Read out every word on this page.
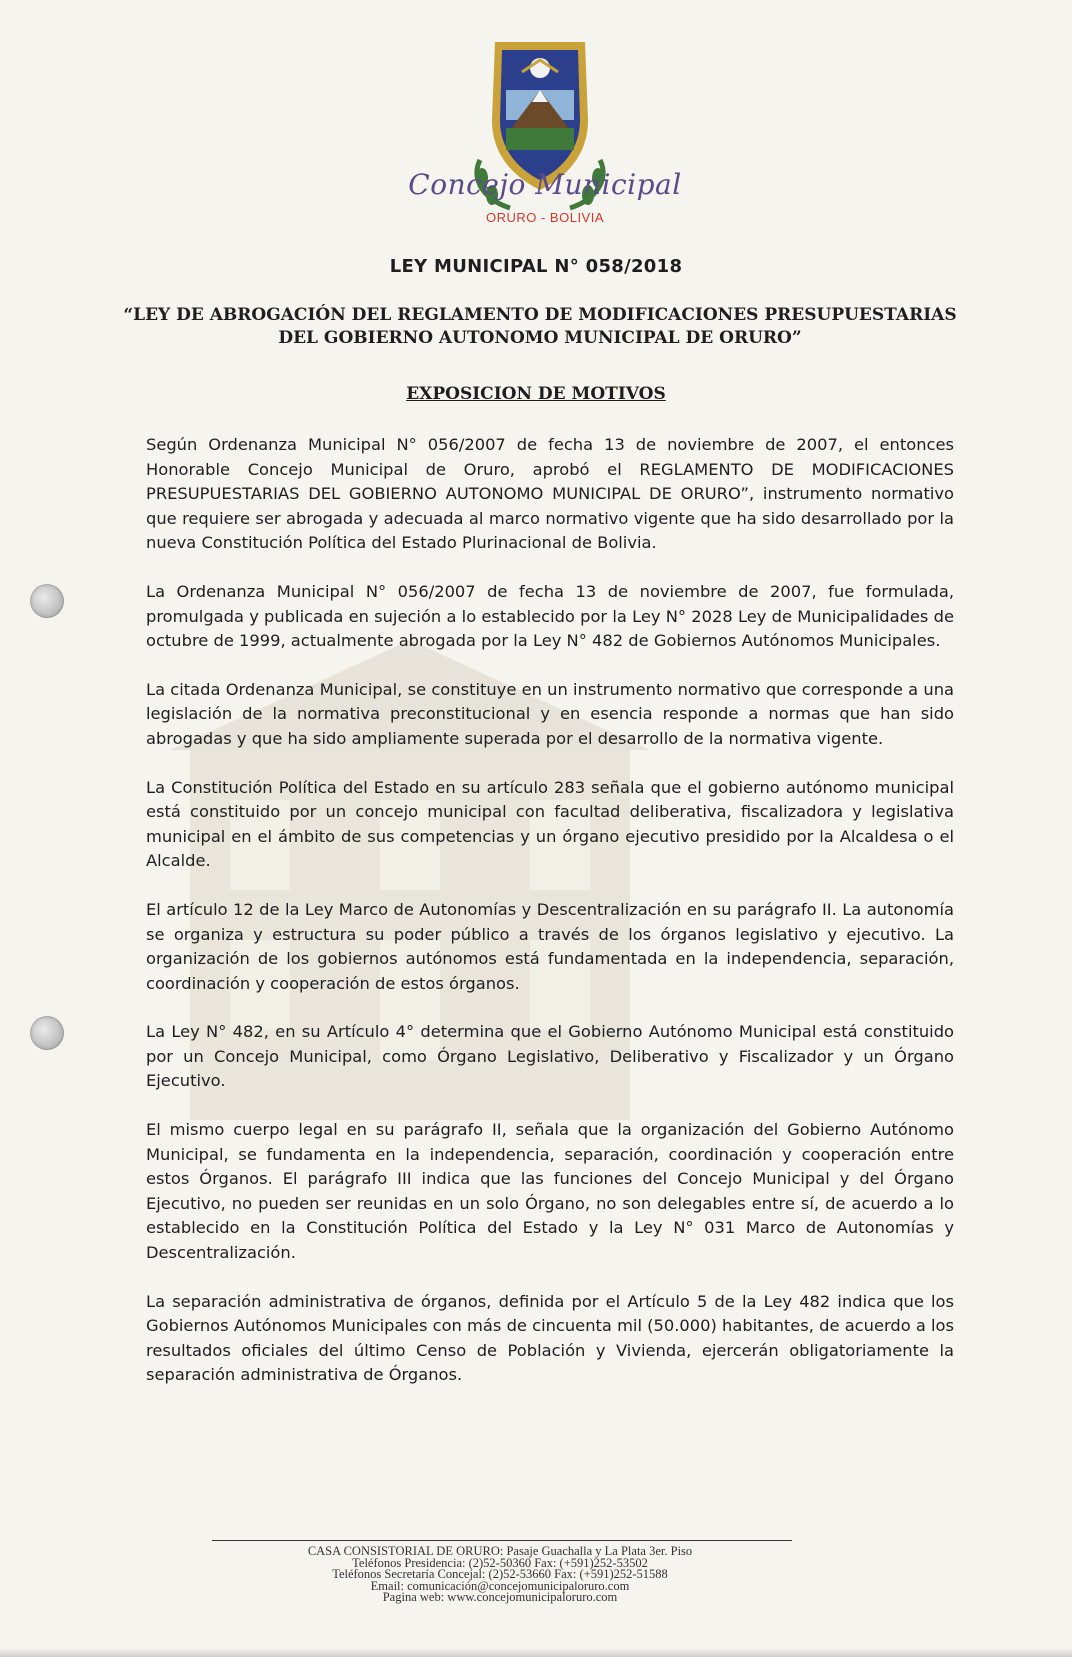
Concejo Municipal
ORURO - BOLIVIA
LEY MUNICIPAL N° 058/2018
“LEY DE ABROGACIÓN DEL REGLAMENTO DE MODIFICACIONES PRESUPUESTARIAS
DEL GOBIERNO AUTONOMO MUNICIPAL DE ORURO”
EXPOSICION DE MOTIVOS

Según Ordenanza Municipal N° 056/2007 de fecha 13 de noviembre de 2007, el entonces Honorable Concejo Municipal de Oruro, aprobó el REGLAMENTO DE MODIFICACIONES PRESUPUESTARIAS DEL GOBIERNO AUTONOMO MUNICIPAL DE ORURO”, instrumento normativo que requiere ser abrogada y adecuada al marco normativo vigente que ha sido desarrollado por la nueva Constitución Política del Estado Plurinacional de Bolivia.

La Ordenanza Municipal N° 056/2007 de fecha 13 de noviembre de 2007, fue formulada, promulgada y publicada en sujeción a lo establecido por la Ley N° 2028 Ley de Municipalidades de octubre de 1999, actualmente abrogada por la Ley N° 482 de Gobiernos Autónomos Municipales.

La citada Ordenanza Municipal, se constituye en un instrumento normativo que corresponde a una legislación de la normativa preconstitucional y en esencia responde a normas que han sido abrogadas y que ha sido ampliamente superada por el desarrollo de la normativa vigente.

La Constitución Política del Estado en su artículo 283 señala que el gobierno autónomo municipal está constituido por un concejo municipal con facultad deliberativa, fiscalizadora y legislativa municipal en el ámbito de sus competencias y un órgano ejecutivo presidido por la Alcaldesa o el Alcalde.

El artículo 12 de la Ley Marco de Autonomías y Descentralización en su parágrafo II. La autonomía se organiza y estructura su poder público a través de los órganos legislativo y ejecutivo. La organización de los gobiernos autónomos está fundamentada en la independencia, separación, coordinación y cooperación de estos órganos.

La Ley N° 482, en su Artículo 4° determina que el Gobierno Autónomo Municipal está constituido por un Concejo Municipal, como Órgano Legislativo, Deliberativo y Fiscalizador y un Órgano Ejecutivo.

El mismo cuerpo legal en su parágrafo II, señala que la organización del Gobierno Autónomo Municipal, se fundamenta en la independencia, separación, coordinación y cooperación entre estos Órganos. El parágrafo III indica que las funciones del Concejo Municipal y del Órgano Ejecutivo, no pueden ser reunidas en un solo Órgano, no son delegables entre sí, de acuerdo a lo establecido en la Constitución Política del Estado y la Ley N° 031 Marco de Autonomías y Descentralización.

La separación administrativa de órganos, definida por el Artículo 5 de la Ley 482 indica que los Gobiernos Autónomos Municipales con más de cincuenta mil (50.000) habitantes, de acuerdo a los resultados oficiales del último Censo de Población y Vivienda, ejercerán obligatoriamente la separación administrativa de Órganos.

CASA CONSISTORIAL DE ORURO: Pasaje Guachalla y La Plata 3er. Piso
Teléfonos Presidencia: (2)52-50360 Fax: (+591)252-53502
Teléfonos Secretaría Concejal: (2)52-53660 Fax: (+591)252-51588
Email: comunicación@concejomunicipaloruro.com
Pagina web: www.concejomunicipaloruro.com
